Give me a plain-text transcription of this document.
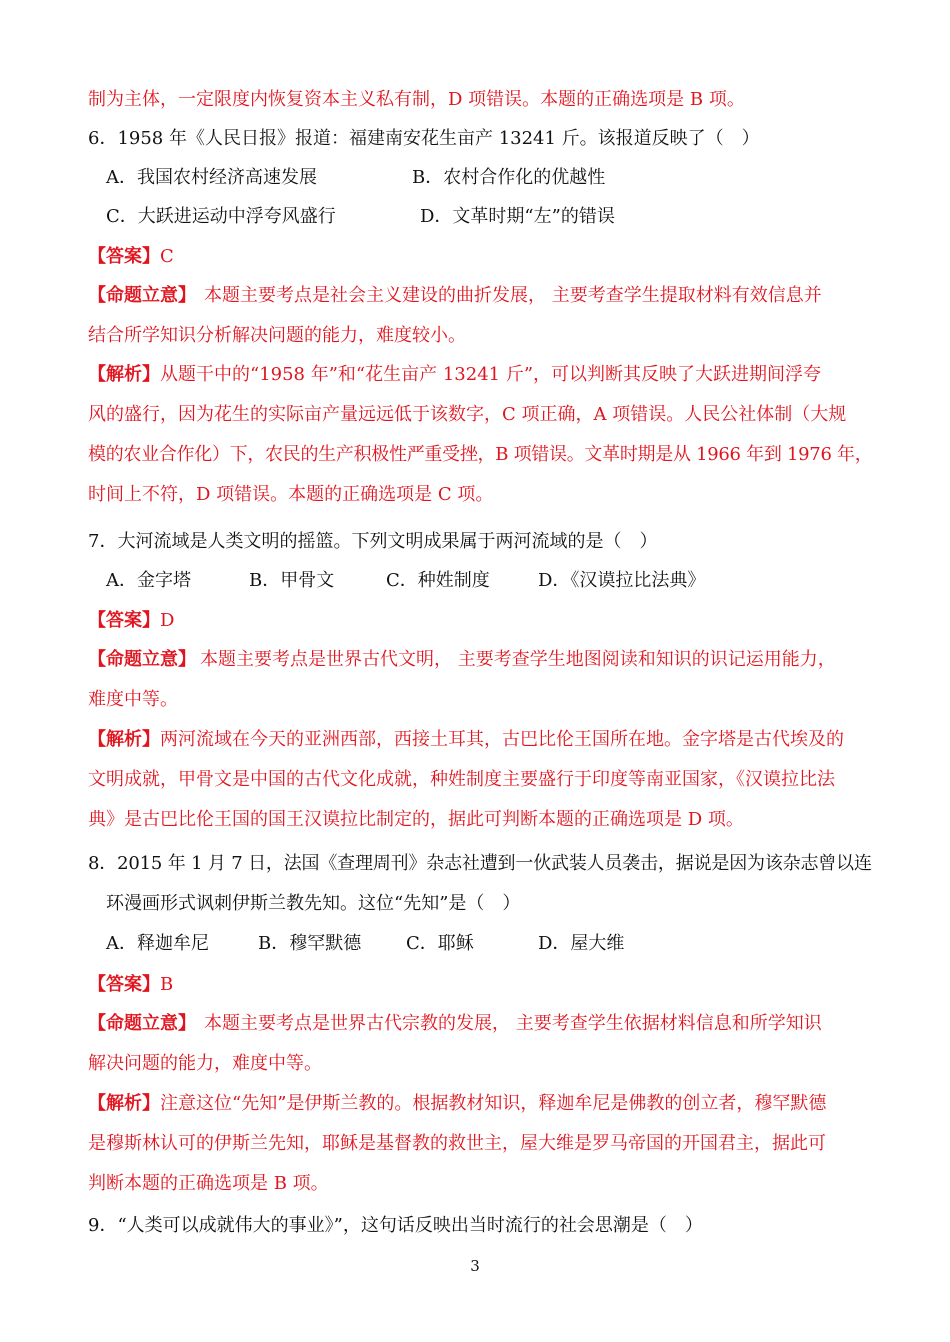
制为主体，一定限度内恢复资本主义私有制，D 项错误。本题的正确选项是 B 项。
6．1958 年《人民日报》报道：福建南安花生亩产 13241 斤。该报道反映了（　）
A．我国农村经济高速发展	B．农村合作化的优越性
C．大跃进运动中浮夸风盛行	D．文革时期“左”的错误
【答案】C
【命题立意】 本题主要考点是社会主义建设的曲折发展， 主要考查学生提取材料有效信息并
结合所学知识分析解决问题的能力，难度较小。
【解析】从题干中的“1958 年”和“花生亩产 13241 斤”，可以判断其反映了大跃进期间浮夸
风的盛行，因为花生的实际亩产量远远低于该数字，C 项正确，A 项错误。人民公社体制（大规
模的农业合作化）下，农民的生产积极性严重受挫，B 项错误。文革时期是从 1966 年到 1976 年，
时间上不符，D 项错误。本题的正确选项是 C 项。
7．大河流域是人类文明的摇篮。下列文明成果属于两河流域的是（　）
A．金字塔	B．甲骨文	C．种姓制度	D．《汉谟拉比法典》
【答案】D
【命题立意】 本题主要考点是世界古代文明， 主要考查学生地图阅读和知识的识记运用能力，
难度中等。
【解析】两河流域在今天的亚洲西部，西接土耳其，古巴比伦王国所在地。金字塔是古代埃及的
文明成就，甲骨文是中国的古代文化成就，种姓制度主要盛行于印度等南亚国家，《汉谟拉比法
典》是古巴比伦王国的国王汉谟拉比制定的，据此可判断本题的正确选项是 D 项。
8．2015 年 1 月 7 日，法国《查理周刊》杂志社遭到一伙武装人员袭击，据说是因为该杂志曾以连
环漫画形式讽刺伊斯兰教先知。这位“先知”是（　）
A．释迦牟尼	B．穆罕默德 C．耶稣	D．屋大维
【答案】B
【命题立意】 本题主要考点是世界古代宗教的发展， 主要考查学生依据材料信息和所学知识
解决问题的能力，难度中等。
【解析】注意这位“先知”是伊斯兰教的。根据教材知识，释迦牟尼是佛教的创立者，穆罕默德
是穆斯林认可的伊斯兰先知，耶稣是基督教的救世主，屋大维是罗马帝国的开国君主，据此可
判断本题的正确选项是 B 项。
9．“人类可以成就伟大的事业》”，这句话反映出当时流行的社会思潮是（　）
3
